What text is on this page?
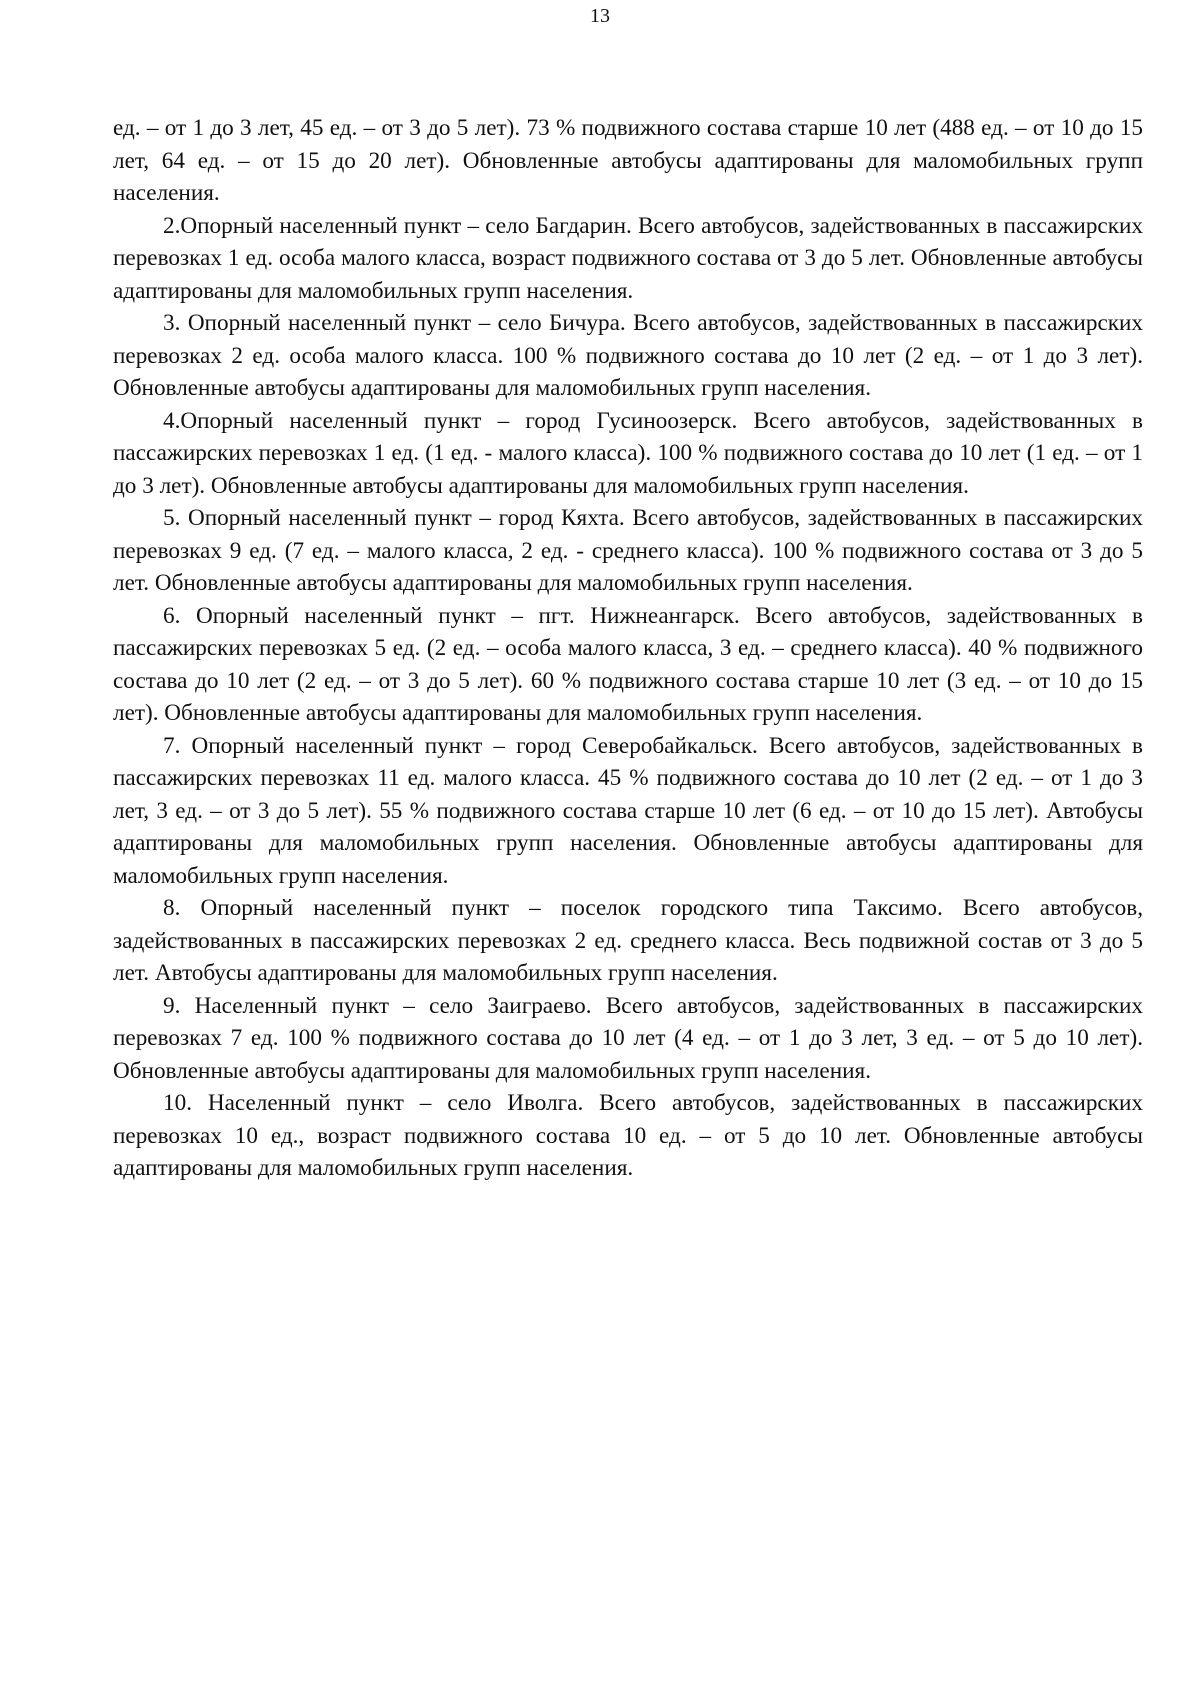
13

ед. – от 1 до 3 лет, 45 ед. – от 3 до 5 лет). 73 % подвижного состава старше 10 лет (488 ед. – от 10 до 15 лет, 64 ед. – от 15 до 20 лет). Обновленные автобусы адаптированы для маломобильных групп населения.

2.Опорный населенный пункт – село Багдарин. Всего автобусов, задействованных в пассажирских перевозках 1 ед. особа малого класса, возраст подвижного состава от 3 до 5 лет. Обновленные автобусы адаптированы для маломобильных групп населения.

3. Опорный населенный пункт – село Бичура. Всего автобусов, задействованных в пассажирских перевозках 2 ед. особа малого класса. 100 % подвижного состава до 10 лет (2 ед. – от 1 до 3 лет). Обновленные автобусы адаптированы для маломобильных групп населения.

4.Опорный населенный пункт – город Гусиноозерск. Всего автобусов, задействованных в пассажирских перевозках 1 ед. (1 ед. - малого класса). 100 % подвижного состава до 10 лет (1 ед. – от 1 до 3 лет). Обновленные автобусы адаптированы для маломобильных групп населения.

5. Опорный населенный пункт – город Кяхта. Всего автобусов, задействованных в пассажирских перевозках 9 ед. (7 ед. – малого класса, 2 ед. - среднего класса). 100 % подвижного состава от 3 до 5 лет. Обновленные автобусы адаптированы для маломобильных групп населения.

6. Опорный населенный пункт – пгт. Нижнеангарск. Всего автобусов, задействованных в пассажирских перевозках 5 ед. (2 ед. – особа малого класса, 3 ед. – среднего класса). 40 % подвижного состава до 10 лет (2 ед. – от 3 до 5 лет). 60 % подвижного состава старше 10 лет (3 ед. – от 10 до 15 лет). Обновленные автобусы адаптированы для маломобильных групп населения.

7. Опорный населенный пункт – город Северобайкальск. Всего автобусов, задействованных в пассажирских перевозках 11 ед. малого класса. 45 % подвижного состава до 10 лет (2 ед. – от 1 до 3 лет, 3 ед. – от 3 до 5 лет). 55 % подвижного состава старше 10 лет (6 ед. – от 10 до 15 лет). Автобусы адаптированы для маломобильных групп населения. Обновленные автобусы адаптированы для маломобильных групп населения.

8. Опорный населенный пункт – поселок городского типа Таксимо. Всего автобусов, задействованных в пассажирских перевозках 2 ед. среднего класса. Весь подвижной состав от 3 до 5 лет. Автобусы адаптированы для маломобильных групп населения.

9. Населенный пункт – село Заиграево. Всего автобусов, задействованных в пассажирских перевозках 7 ед. 100 % подвижного состава до 10 лет (4 ед. – от 1 до 3 лет, 3 ед. – от 5 до 10 лет). Обновленные автобусы адаптированы для маломобильных групп населения.

10. Населенный пункт – село Иволга. Всего автобусов, задействованных в пассажирских перевозках 10 ед., возраст подвижного состава 10 ед. – от 5 до 10 лет. Обновленные автобусы адаптированы для маломобильных групп населения.
